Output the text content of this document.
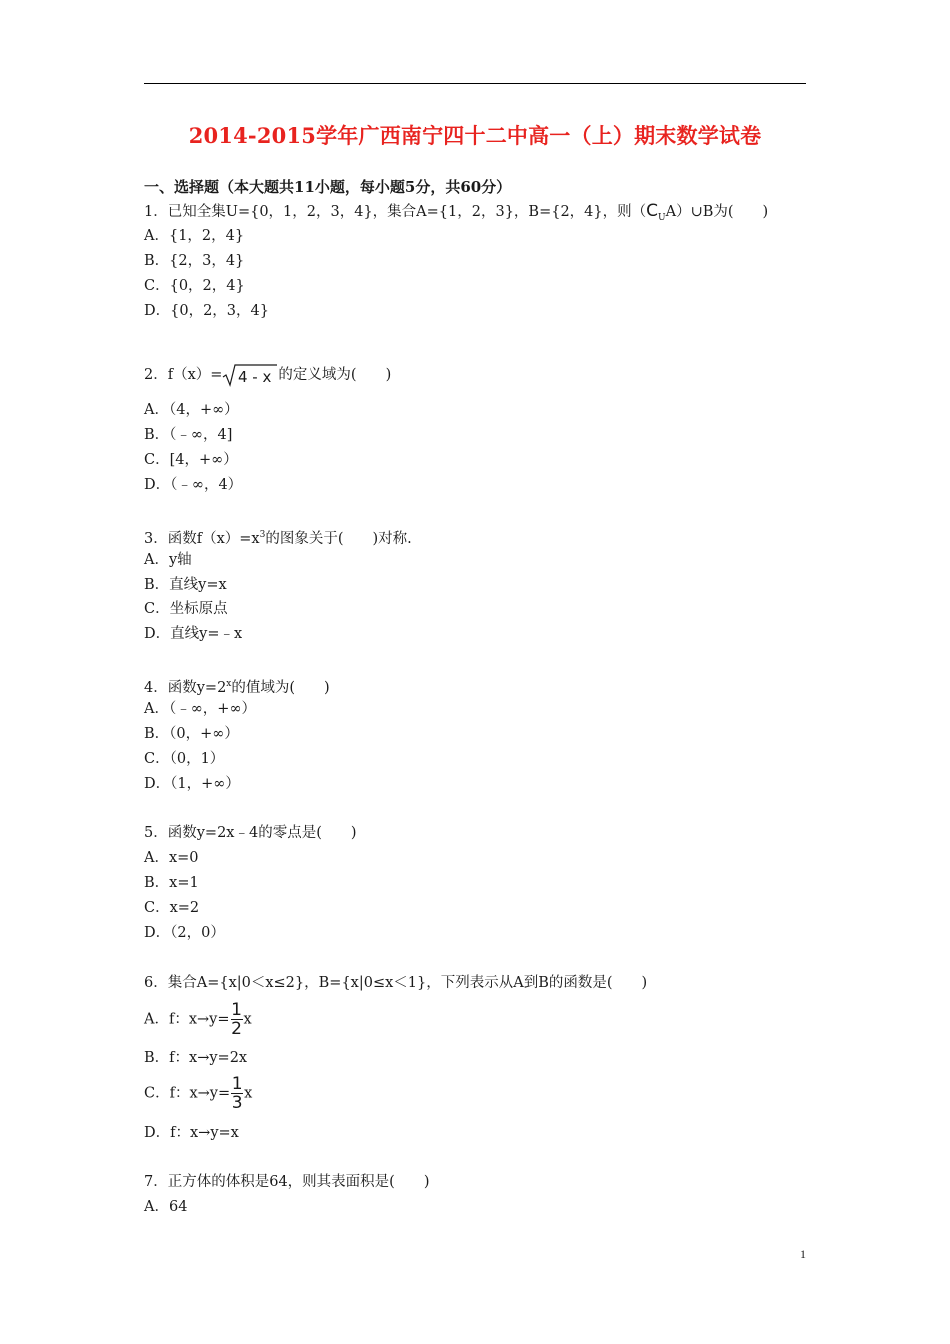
2014-2015学年广西南宁四十二中高一（上）期末数学试卷
一、选择题（本大题共11小题，每小题5分，共60分）
1．已知全集U={0，1，2，3，4}，集合A={1，2，3}，B={2，4}，则$(C_UA)\cup B$为(　　)
A．{1，2，4}
B．{2，3，4}
C．{0，2，4}
D．{0，2，3，4}
2．f（x）= 4 - x 的定义域为(　　)
A．（4，+∞）
B．（﹣∞，4]
C．[4，+∞）
D．（﹣∞，4）
3．函数$f(x)=x^3$的图象关于(　　)对称.
A．y轴
B．直线y=x
C．坐标原点
D．直线y=﹣x
4．函数$y=2^x$的值域为(　　)
A．（﹣∞，+∞）
B．（0，+∞）
C．（0，1）
D．（1，+∞）
5．函数y=2x﹣4的零点是(　　)
A．x=0
B．x=1
C．x=2
D．（2，0）
6．集合A={x|0＜x≤2}，B={x|0≤x＜1}，下列表示从A到B的函数是(　　)
A．f：$x\to y= \frac{1}{2}$ x
B．f：x→y=2x
C．f：$x\to y= \frac{1}{3}$ x
D．f：x→y=x
7．正方体的体积是64，则其表面积是(　　)
A．64
1
